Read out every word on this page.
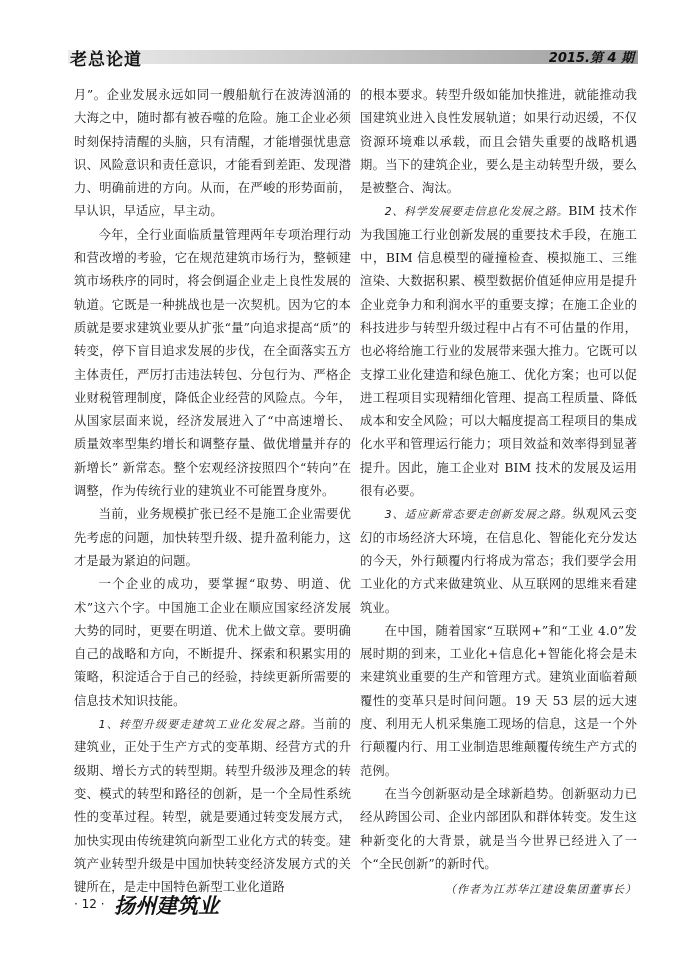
老总论道	2015.第 4 期

月”。企业发展永远如同一艘船航行在波涛汹涌的大海之中，随时都有被吞噬的危险。施工企业必须时刻保持清醒的头脑，只有清醒，才能增强忧患意识、风险意识和责任意识，才能看到差距、发现潜力、明确前进的方向。从而，在严峻的形势面前，早认识，早适应，早主动。

今年，全行业面临质量管理两年专项治理行动和营改增的考验，它在规范建筑市场行为，整顿建筑市场秩序的同时，将会倒逼企业走上良性发展的轨道。它既是一种挑战也是一次契机。因为它的本质就是要求建筑业要从扩张“量”向追求提高“质”的转变，停下盲目追求发展的步伐，在全面落实五方主体责任，严厉打击违法转包、分包行为、严格企业财税管理制度，降低企业经营的风险点。今年，从国家层面来说，经济发展进入了“中高速增长、质量效率型集约增长和调整存量、做优增量并存的新增长” 新常态。整个宏观经济按照四个“转向”在调整，作为传统行业的建筑业不可能置身度外。

当前，业务规模扩张已经不是施工企业需要优先考虑的问题，加快转型升级、提升盈利能力，这才是最为紧迫的问题。

一个企业的成功，要掌握“取势、明道、优术”这六个字。中国施工企业在顺应国家经济发展大势的同时，更要在明道、优术上做文章。要明确自己的战略和方向，不断提升、探索和积累实用的策略，积淀适合于自己的经验，持续更新所需要的信息技术知识技能。

1、转型升级要走建筑工业化发展之路。当前的建筑业，正处于生产方式的变革期、经营方式的升级期、增长方式的转型期。转型升级涉及理念的转变、模式的转型和路径的创新，是一个全局性系统性的变革过程。转型，就是要通过转变发展方式，加快实现由传统建筑向新型工业化方式的转变。建筑产业转型升级是中国加快转变经济发展方式的关键所在，是走中国特色新型工业化道路

的根本要求。转型升级如能加快推进，就能推动我国建筑业进入良性发展轨道；如果行动迟缓，不仅资源环境难以承载，而且会错失重要的战略机遇期。当下的建筑企业，要么是主动转型升级，要么是被整合、淘汰。

2、科学发展要走信息化发展之路。BIM 技术作为我国施工行业创新发展的重要技术手段，在施工中，BIM 信息模型的碰撞检查、模拟施工、三维渲染、大数据积累、模型数据价值延伸应用是提升企业竞争力和利润水平的重要支撑；在施工企业的科技进步与转型升级过程中占有不可估量的作用，也必将给施工行业的发展带来强大推力。它既可以支撑工业化建造和绿色施工、优化方案；也可以促进工程项目实现精细化管理、提高工程质量、降低成本和安全风险；可以大幅度提高工程项目的集成化水平和管理运行能力；项目效益和效率得到显著提升。因此，施工企业对 BIM 技术的发展及运用很有必要。

3、适应新常态要走创新发展之路。纵观风云变幻的市场经济大环境，在信息化、智能化充分发达的今天，外行颠覆内行将成为常态；我们要学会用工业化的方式来做建筑业、从互联网的思维来看建筑业。

在中国，随着国家“互联网+”和“工业 4.0”发展时期的到来，工业化+信息化+智能化将会是未来建筑业重要的生产和管理方式。建筑业面临着颠覆性的变革只是时间问题。19 天 53 层的远大速度、利用无人机采集施工现场的信息，这是一个外行颠覆内行、用工业制造思维颠覆传统生产方式的范例。

在当今创新驱动是全球新趋势。创新驱动力已经从跨国公司、企业内部团队和群体转变。发生这种新变化的大背景，就是当今世界已经进入了一个“全民创新”的新时代。

（作者为江苏华江建设集团董事长）

· 12 · 扬州建筑业
